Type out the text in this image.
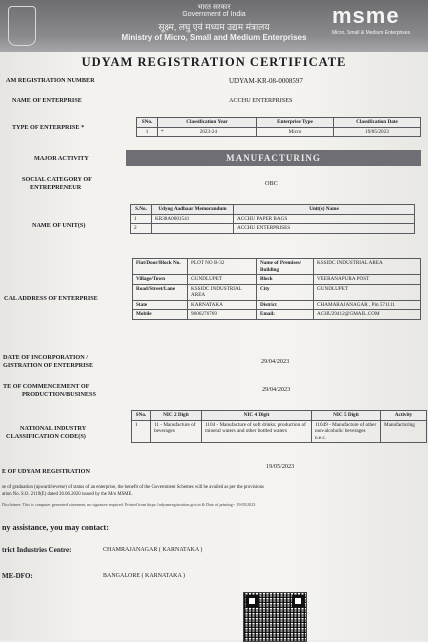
भारत सरकार
Government of India
सूक्ष्म, लघु एवं मध्यम उद्यम मंत्रालय
Ministry of Micro, Small and Medium Enterprises
msme
Micro, Small & Medium Enterprises
UDYAM REGISTRATION CERTIFICATE
AM REGISTRATION NUMBER	UDYAM-KR-08-0008597
NAME OF ENTERPRISE	ACCHU ENTERPRISES
TYPE OF ENTERPRISE *
SNo.	Classification Year	Enterprise Type	Classification Date
1	* 2023-24	Micro	19/05/2023
MAJOR ACTIVITY	MANUFACTURING
SOCIAL CATEGORY OF
ENTREPRENEUR
OBC
NAME OF UNIT(S)
S.No.	Udyog Aadhaar Memorandum	Unit(s) Name
1	KR38A0001541	ACCHU PAPER BAGS
2		ACCHU ENTERPRISES
CAL ADDRESS OF ENTERPRISE
Flat/Door/Block No.	PLOT NO B-32	Name of Premises/ Building	KSSIDC INDUSTRIAL AREA
Village/Town	GUNDLUPET	Block	VEERANAPURA POST
Road/Street/Lane	KSSIDC INDUSTRIAL AREA	City	GUNDLUPET
State	KARNATAKA	District	CHAMARAJANAGAR , Pin 571111
Mobile	9606276769	Email:	ACHU29412@GMAIL.COM
DATE OF INCORPORATION /
GISTRATION OF ENTERPRISE
29/04/2023
TE OF COMMENCEMENT OF
PRODUCTION/BUSINESS
29/04/2023
NATIONAL INDUSTRY
CLASSIFICATION CODE(S)
SNo.	NIC 2 Digit	NIC 4 Digit	NIC 5 Digit	Activity
1	11 - Manufacture of beverages	1104 - Manufacture of soft drinks; production of mineral waters and other bottled waters	11049 - Manufacture of other non-alcoholic beverages n.e.c.	Manufacturing
E OF UDYAM REGISTRATION
19/05/2023
se of graduation (upward/reverse) of status of an enterprise, the benefit of the Government Schemes will be availed as per the provisions
ation No. S.O. 2119(E) dated 26.06.2020 issued by the M/o MSME.
Disclaimer: This is computer generated statement, no signature required. Printed from https://udyamregistration.gov.in & Date of printing:- 19/05/2023
ny assistance, you may contact:
trict Industries Centre:	CHAMRAJANAGAR ( KARNATAKA )
ME-DFO:	BANGALORE ( KARNATAKA )
